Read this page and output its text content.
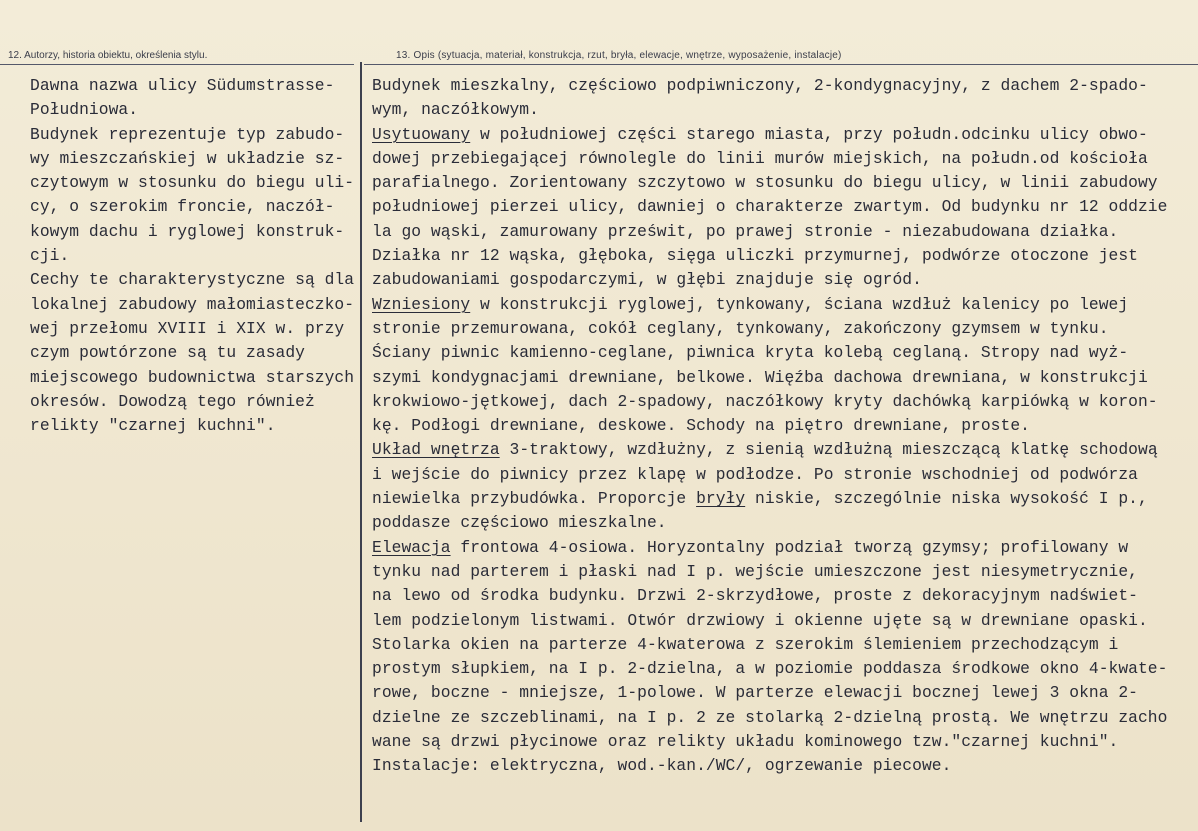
12. Autorzy, historia obiektu, określenia stylu.	13. Opis (sytuacja, materiał, konstrukcja, rzut, bryła, elewacje, wnętrze, wyposażenie, instalacje)
Dawna nazwa ulicy Südumstrasse-
Południowa.
Budynek reprezentuje typ zabudo-
wy mieszczańskiej w układzie sz-
czytowym w stosunku do biegu uli-
cy, o szerokim froncie, naczół-
kowym dachu i ryglowej konstruk-
cji.
Cechy te charakterystyczne są dla
lokalnej zabudowy małomiasteczko-
wej przełomu XVIII i XIX w. przy
czym powtórzone są tu zasady
miejscowego budownictwa starszych
okresów. Dowodzą tego również
relikty "czarnej kuchni".
Budynek mieszkalny, częściowo podpiwniczony, 2-kondygnacyjny, z dachem 2-spado-
wym, naczółkowym.
Usytuowany w południowej części starego miasta, przy połudn.odcinku ulicy obwo-
dowej przebiegającej równolegle do linii murów miejskich, na połudn.od kościoła
parafialnego. Zorientowany szczytowo w stosunku do biegu ulicy, w linii zabudowy
południowej pierzei ulicy, dawniej o charakterze zwartym. Od budynku nr 12 oddzie
la go wąski, zamurowany prześwit, po prawej stronie - niezabudowana działka.
Działka nr 12 wąska, głęboka, sięga uliczki przymurnej, podwórze otoczone jest
zabudowaniami gospodarczymi, w głębi znajduje się ogród.
Wzniesiony w konstrukcji ryglowej, tynkowany, ściana wzdłuż kalenicy po lewej
stronie przemurowana, cokół ceglany, tynkowany, zakończony gzymsem w tynku.
Ściany piwnic kamienno-ceglane, piwnica kryta kolebą ceglaną. Stropy nad wyż-
szymi kondygnacjami drewniane, belkowe. Więźba dachowa drewniana, w konstrukcji
krokwiowo-jętkowej, dach 2-spadowy, naczółkowy kryty dachówką karpiówką w koron-
kę. Podłogi drewniane, deskowe. Schody na piętro drewniane, proste.
Układ wnętrza 3-traktowy, wzdłużny, z sienią wzdłużną mieszczącą klatkę schodową
i wejście do piwnicy przez klapę w podłodze. Po stronie wschodniej od podwórza
niewielka przybudówka. Proporcje bryły niskie, szczególnie niska wysokość I p.,
poddasze częściowo mieszkalne.
Elewacja frontowa 4-osiowa. Horyzontalny podział tworzą gzymsy; profilowany w
tynku nad parterem i płaski nad I p. wejście umieszczone jest niesymetrycznie,
na lewo od środka budynku. Drzwi 2-skrzydłowe, proste z dekoracyjnym nadświet-
lem podzielonym listwami. Otwór drzwiowy i okienne ujęte są w drewniane opaski.
Stolarka okien na parterze 4-kwaterowa z szerokim ślemieniem przechodzącym i
prostym słupkiem, na I p. 2-dzielna, a w poziomie poddasza środkowe okno 4-kwate-
rowe, boczne - mniejsze, 1-polowe. W parterze elewacji bocznej lewej 3 okna 2-
dzielne ze szczeblinami, na I p. 2 ze stolarką 2-dzielną prostą. We wnętrzu zacho
wane są drzwi płycinowe oraz relikty układu kominowego tzw."czarnej kuchni".
Instalacje: elektryczna, wod.-kan./WC/, ogrzewanie piecowe.
